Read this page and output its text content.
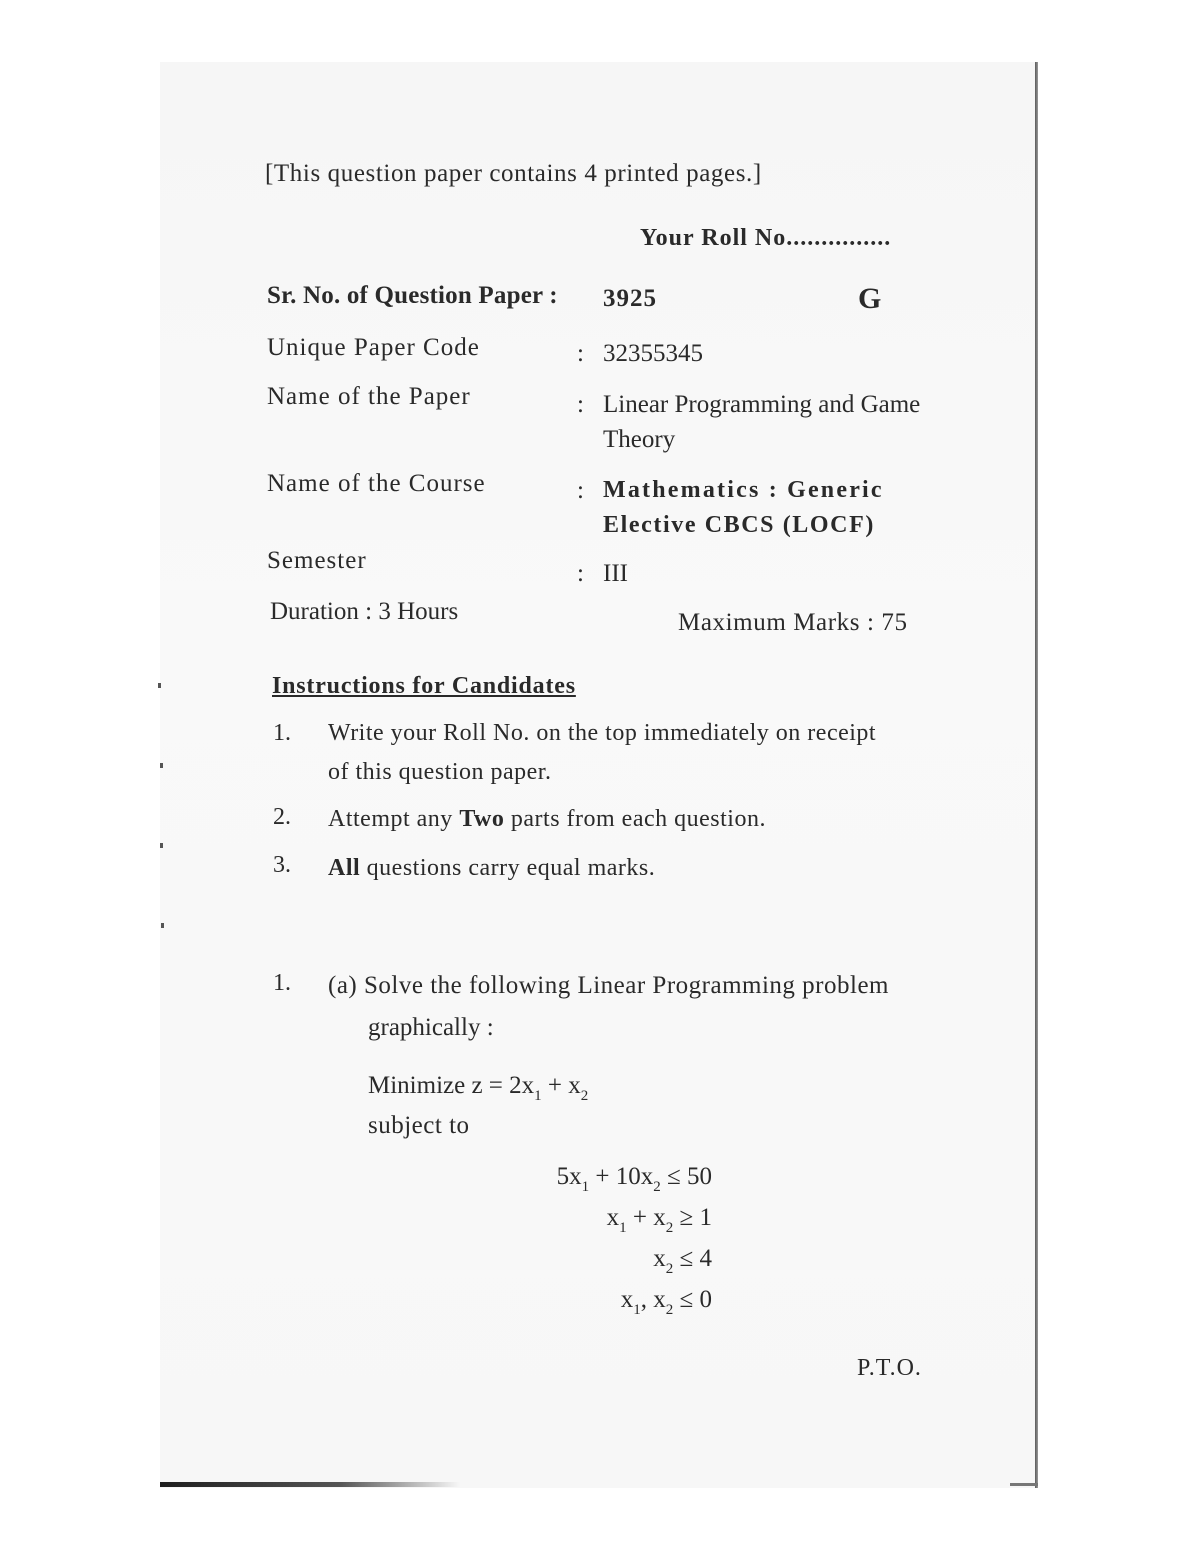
[This question paper contains 4 printed pages.]
Your Roll No...............
Sr. No. of Question Paper : 3925	G
Unique Paper Code	: 32355345
Name of the Paper	: Linear Programming and Game
Theory
Name of the Course	: Mathematics : Generic
Elective CBCS (LOCF)
Semester	: III
Duration : 3 Hours	Maximum Marks : 75
Instructions for Candidates
1. Write your Roll No. on the top immediately on receipt
of this question paper.
2. Attempt any Two parts from each question.
3. All questions carry equal marks.
1. (a) Solve the following Linear Programming problem
graphically :
Minimize $z = 2x_1 + x_2$
subject to
$5x_1 + 10x_2 \le 50$
$x_1 + x_2 \ge 1$
$x_2 \le 4$
$x_1$, $x_2 \le 0$
P.T.O.
